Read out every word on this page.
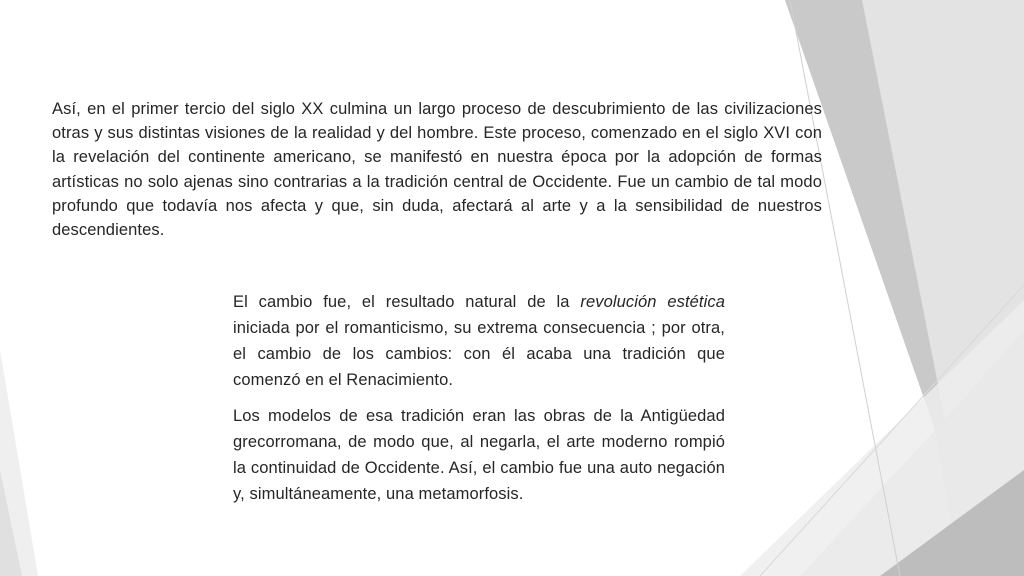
Así, en el primer tercio del siglo XX culmina un largo proceso de descubrimiento de las civilizaciones otras y sus distintas visiones de la realidad y del hombre. Este proceso, comenzado en el siglo XVI con la revelación del continente americano, se manifestó en nuestra época por la adopción de formas artísticas no solo ajenas sino contrarias a la tradición central de Occidente. Fue un cambio de tal modo profundo que todavía nos afecta y que, sin duda, afectará al arte y a la sensibilidad de nuestros descendientes.

El cambio fue, el resultado natural de la revolución estética iniciada por el romanticismo, su extrema consecuencia ; por otra, el cambio de los cambios: con él acaba una tradición que comenzó en el Renacimiento.

Los modelos de esa tradición eran las obras de la Antigüedad grecorromana, de modo que, al negarla, el arte moderno rompió la continuidad de Occidente. Así, el cambio fue una auto negación y, simultáneamente, una metamorfosis.
